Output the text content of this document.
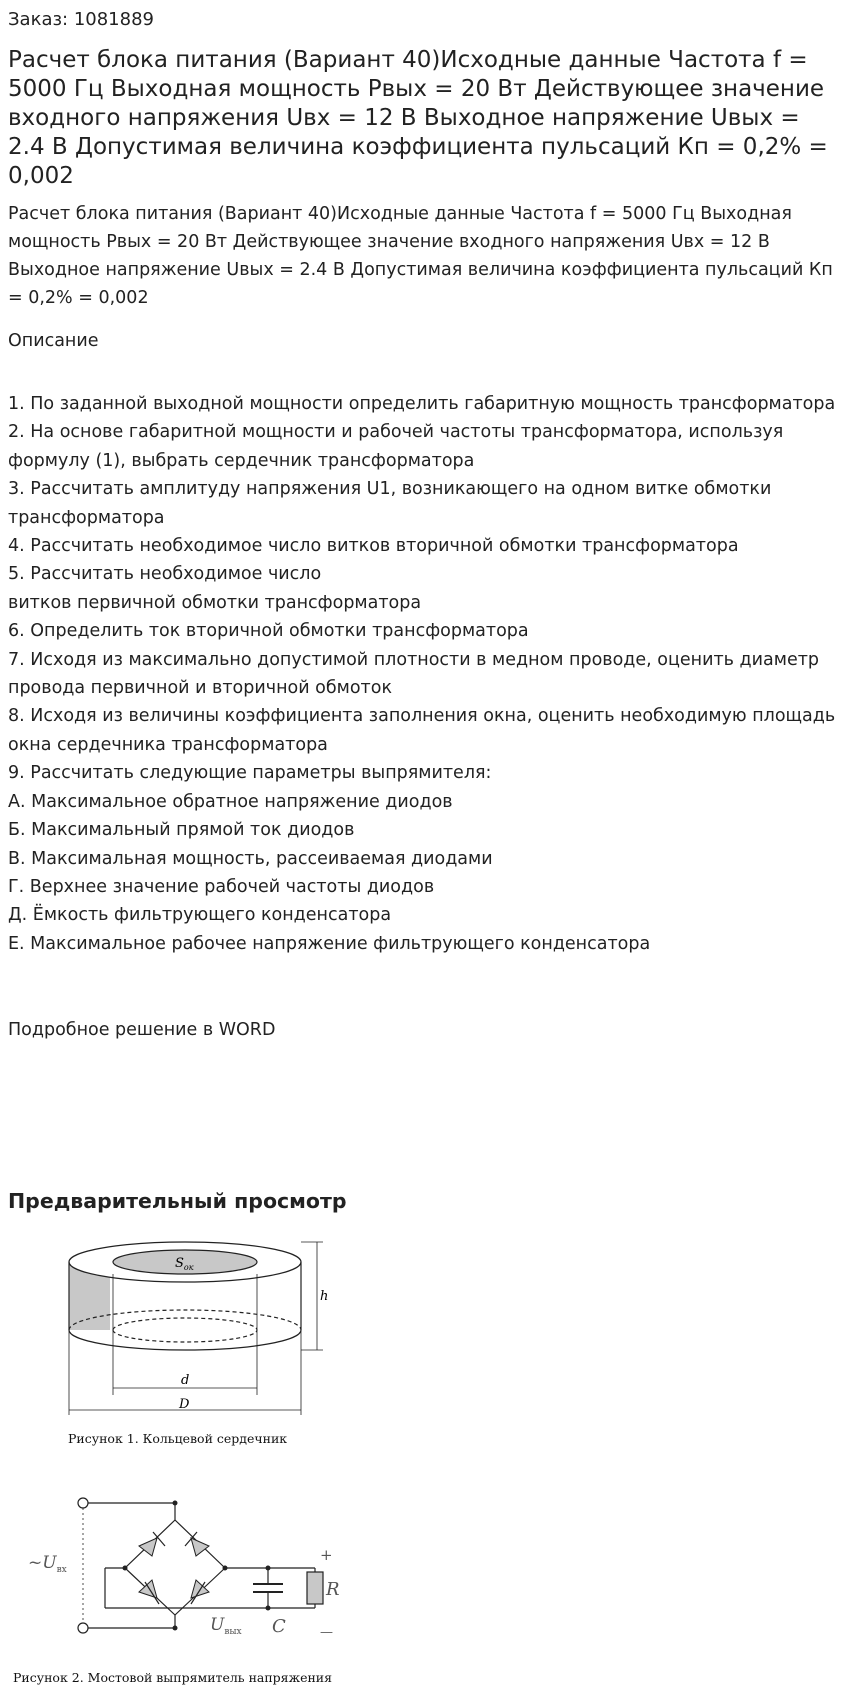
Заказ: 1081889
Расчет блока питания (Вариант 40)Исходные данные Частота f = 5000 Гц Выходная мощность Рвых = 20 Вт Действующее значение входного напряжения Uвх = 12 В Выходное напряжение Uвых = 2.4 В Допустимая величина коэффициента пульсаций Кп = 0,2% = 0,002
Расчет блока питания (Вариант 40)Исходные данные Частота f = 5000 Гц Выходная мощность Рвых = 20 Вт Действующее значение входного напряжения Uвх = 12 В Выходное напряжение Uвых = 2.4 В Допустимая величина коэффициента пульсаций Кп = 0,2% = 0,002
Описание
1. По заданной выходной мощности определить габаритную мощность трансформатора
2. На основе габаритной мощности и рабочей частоты трансформатора, используя формулу (1), выбрать сердечник трансформатора
3. Рассчитать амплитуду напряжения U1, возникающего на одном витке обмотки трансформатора
4. Рассчитать необходимое число витков вторичной обмотки трансформатора
5. Рассчитать необходимое число
витков первичной обмотки трансформатора
6. Определить ток вторичной обмотки трансформатора
7. Исходя из максимально допустимой плотности в медном проводе, оценить диаметр провода первичной и вторичной обмоток
8. Исходя из величины коэффициента заполнения окна, оценить необходимую площадь окна сердечника трансформатора
9. Рассчитать следующие параметры выпрямителя:
А. Максимальное обратное напряжение диодов
Б. Максимальный прямой ток диодов
В. Максимальная мощность, рассеиваемая диодами
Г. Верхнее значение рабочей частоты диодов
Д. Ёмкость фильтрующего конденсатора
Е. Максимальное рабочее напряжение фильтрующего конденсатора
Подробное решение в WORD
Предварительный просмотр
$S_{ок}$
h
d
D
Рисунок 1. Кольцевой сердечник
$\sim U_{вх}$
$U_{вых}$ C
R
+
—
Рисунок 2. Мостовой выпрямитель напряжения
